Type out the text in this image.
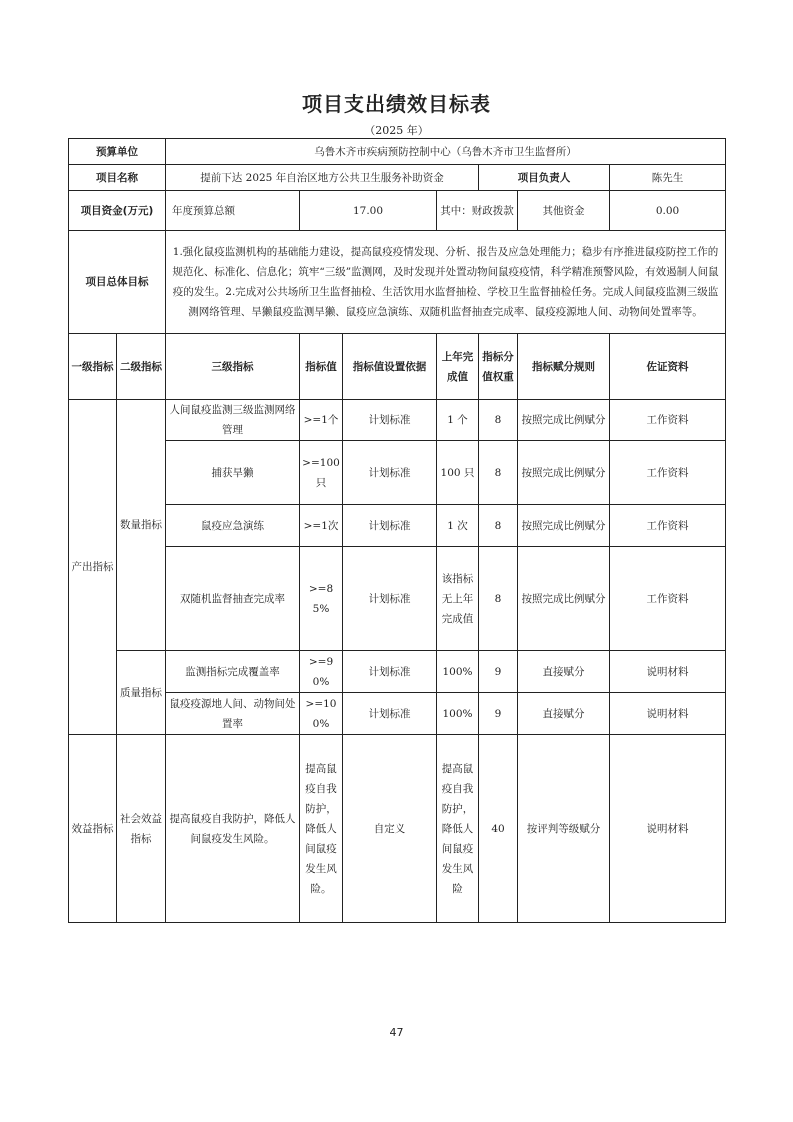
项目支出绩效目标表
（2025 年）
预算单位		乌鲁木齐市疾病预防控制中心（乌鲁木齐市卫生监督所）						
项目名称		提前下达 2025 年自治区地方公共卫生服务补助资金				项目负责人		陈先生
项目资金(万元)		年度预算总额	17.00		其中：财政拨款		其他资金	0.00
项目总体目标		1.强化鼠疫监测机构的基础能力建设，提高鼠疫疫情发现、分析、报告及应急处理能力；稳步有序推进鼠疫防控工作的规范化、标准化、信息化；筑牢“三级”监测网，及时发现并处置动物间鼠疫疫情，科学精准预警风险，有效遏制人间鼠疫的发生。2.完成对公共场所卫生监督抽检、生活饮用水监督抽检、学校卫生监督抽检任务。完成人间鼠疫监测三级监测网络管理、旱獭鼠疫监测旱獭、鼠疫应急演练、双随机监督抽查完成率、鼠疫疫源地人间、动物间处置率等。						
一级指标	二级指标	三级指标	指标值	指标值设置依据	上年完成值	指标分值权重	指标赋分规则	佐证资料
产出指标	数量指标	人间鼠疫监测三级监测网络管理	>=1个	计划标准	1 个	8	按照完成比例赋分	工作资料
		捕获旱獭	>=100只	计划标准	100 只	8	按照完成比例赋分	工作资料
		鼠疫应急演练	>=1次	计划标准	1 次	8	按照完成比例赋分	工作资料
		双随机监督抽查完成率	>=85%	计划标准	该指标无上年完成值	8	按照完成比例赋分	工作资料
	质量指标	监测指标完成覆盖率	>=90%	计划标准	100%	9	直接赋分	说明材料
		鼠疫疫源地人间、动物间处置率	>=100%	计划标准	100%	9	直接赋分	说明材料
效益指标	社会效益指标	提高鼠疫自我防护，降低人间鼠疫发生风险。	提高鼠疫自我防护，降低人间鼠疫发生风险。	自定义	提高鼠疫自我防护，降低人间鼠疫发生风险	40	按评判等级赋分	说明材料
47
